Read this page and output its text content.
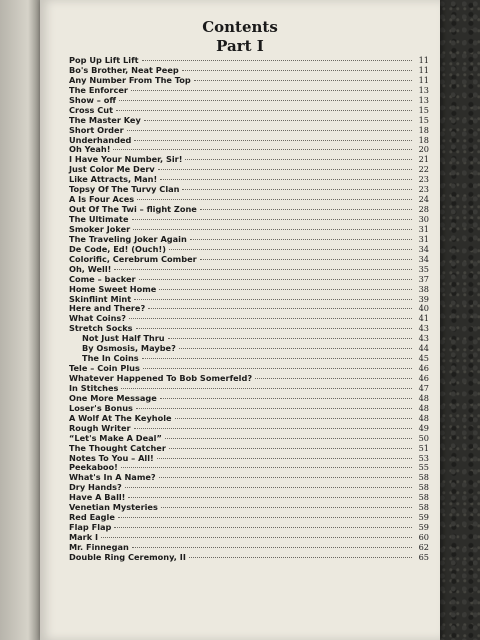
Contents
Part I
Pop Up Lift Lift	11
Bo's Brother, Neat Peep	11
Any Number From The Top	11
The Enforcer	13
Show – off	13
Cross Cut	15
The Master Key	15
Short Order	18
Underhanded	18
Oh Yeah!	20
I Have Your Number, Sir!	21
Just Color Me Derv	22
Like Attracts, Man!	23
Topsy Of The Turvy Clan	23
A Is Four Aces	24
Out Of The Twi – flight Zone	28
The Ultimate	30
Smoker Joker	31
The Traveling Joker Again	31
De Code, Ed! (Ouch!)	34
Colorific, Cerebrum Comber	34
Oh, Well!	35
Come – backer	37
Home Sweet Home	38
Skinflint Mint	39
Here and There?	40
What Coins?	41
Stretch Socks	43
Not Just Half Thru	43
By Osmosis, Maybe?	44
The In Coins	45
Tele – Coin Plus	46
Whatever Happened To Bob Somerfeld?	46
In Stitches	47
One More Message	48
Loser's Bonus	48
A Wolf At The Keyhole	48
Rough Writer	49
“Let's Make A Deal”	50
The Thought Catcher	51
Notes To You – All!	53
Peekaboo!	55
What's In A Name?	58
Dry Hands?	58
Have A Ball!	58
Venetian Mysteries	58
Red Eagle	59
Flap Flap	59
Mark I	60
Mr. Finnegan	62
Double Ring Ceremony, II	65
